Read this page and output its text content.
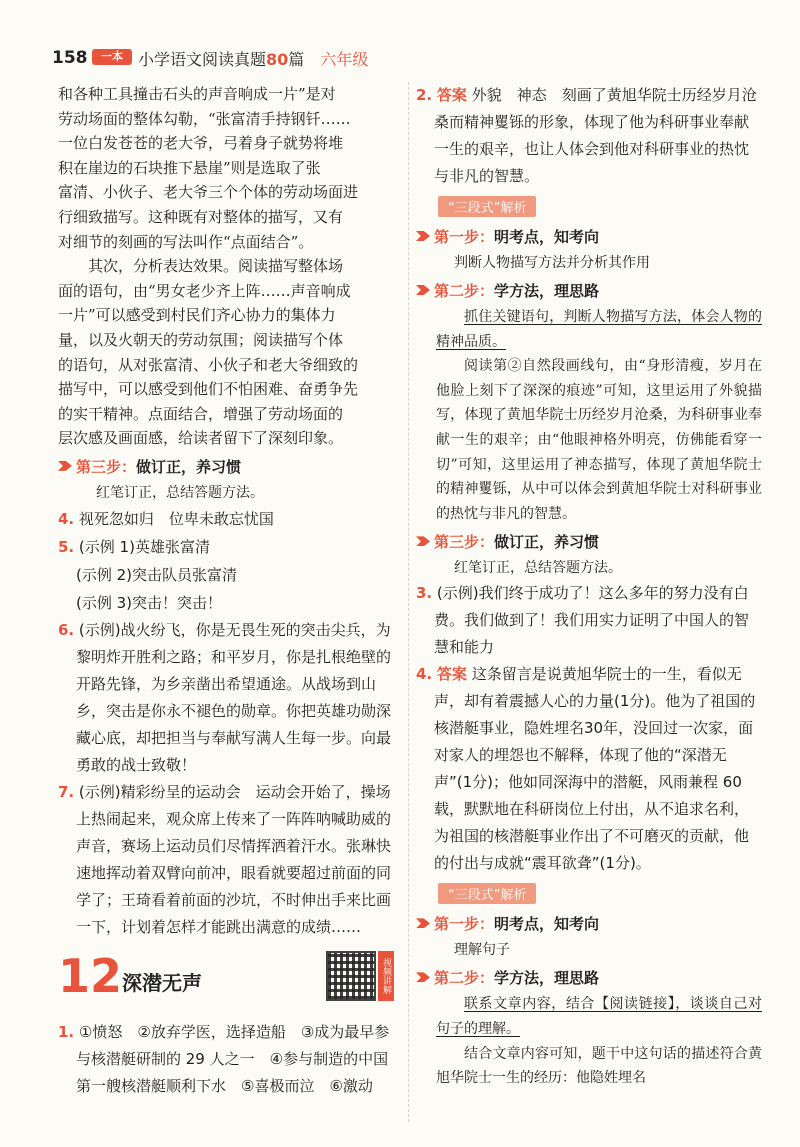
158	一本 小学语文阅读真题80篇　 六年级

和各种工具撞击石头的声音响成一片”是对

劳动场面的整体勾勒，“张富清手持钢钎……

一位白发苍苍的老大爷，弓着身子就势将堆

积在崖边的石块推下悬崖”则是选取了张

富清、小伙子、老大爷三个个体的劳动场面进

行细致描写。这种既有对整体的描写，又有

对细节的刻画的写法叫作“点面结合”。

其次，分析表达效果。阅读描写整体场

面的语句，由“男女老少齐上阵……声音响成

一片”可以感受到村民们齐心协力的集体力

量，以及火朝天的劳动氛围；阅读描写个体

的语句，从对张富清、小伙子和老大爷细致的

描写中，可以感受到他们不怕困难、奋勇争先

的实干精神。点面结合，增强了劳动场面的

层次感及画面感，给读者留下了深刻印象。

第三步：做订正，养习惯

红笔订正，总结答题方法。

4. 视死忽如归　位卑未敢忘忧国
5. (示例 1)英雄张富清
(示例 2)突击队员张富清
(示例 3)突击！突击！
6. (示例)战火纷飞，你是无畏生死的突击尖兵，为黎明炸开胜利之路；和平岁月，你是扎根绝壁的开路先锋，为乡亲凿出希望通途。从战场到山乡，突击是你永不褪色的勋章。你把英雄功勋深藏心底，却把担当与奉献写满人生每一步。向最勇敢的战士致敬！
7. (示例)精彩纷呈的运动会　运动会开始了，操场上热闹起来，观众席上传来了一阵阵呐喊助威的声音，赛场上运动员们尽情挥洒着汗水。张琳快速地挥动着双臂向前冲，眼看就要超过前面的同学了；王琦看着前面的沙坑，不时伸出手来比画一下，计划着怎样才能跳出满意的成绩……
12 深潜无声	视频讲解
1. ①愤怒　②放弃学医，选择造船　③成为最早参与核潜艇研制的 29 人之一　④参与制造的中国第一艘核潜艇顺利下水　⑤喜极而泣　⑥激动
2. 答案 外貌　神态　刻画了黄旭华院士历经岁月沧桑而精神矍铄的形象，体现了他为科研事业奉献一生的艰辛，也让人体会到他对科研事业的热忱与非凡的智慧。
“三段式”解析
第一步：明考点，知考向

判断人物描写方法并分析其作用

第二步：学方法，理思路

抓住关键语句，判断人物描写方法，体会人物的精神品质。

阅读第②自然段画线句，由“身形清瘦，岁月在他脸上刻下了深深的痕迹”可知，这里运用了外貌描写，体现了黄旭华院士历经岁月沧桑，为科研事业奉献一生的艰辛；由“他眼神格外明亮，仿佛能看穿一切”可知，这里运用了神态描写，体现了黄旭华院士的精神矍铄，从中可以体会到黄旭华院士对科研事业的热忱与非凡的智慧。

第三步：做订正，养习惯

红笔订正，总结答题方法。

3. (示例)我们终于成功了！这么多年的努力没有白费。我们做到了！我们用实力证明了中国人的智慧和能力
4. 答案 这条留言是说黄旭华院士的一生，看似无声，却有着震撼人心的力量(1分)。他为了祖国的核潜艇事业，隐姓埋名30年，没回过一次家，面对家人的埋怨也不解释，体现了他的“深潜无声”(1分)；他如同深海中的潜艇，风雨兼程 60 载，默默地在科研岗位上付出，从不追求名利，为祖国的核潜艇事业作出了不可磨灭的贡献，他的付出与成就“震耳欲聋”(1分)。
“三段式”解析
第一步：明考点，知考向

理解句子

第二步：学方法，理思路

联系文章内容，结合【阅读链接】，谈谈自己对句子的理解。

结合文章内容可知，题干中这句话的描述符合黄旭华院士一生的经历：他隐姓埋名
